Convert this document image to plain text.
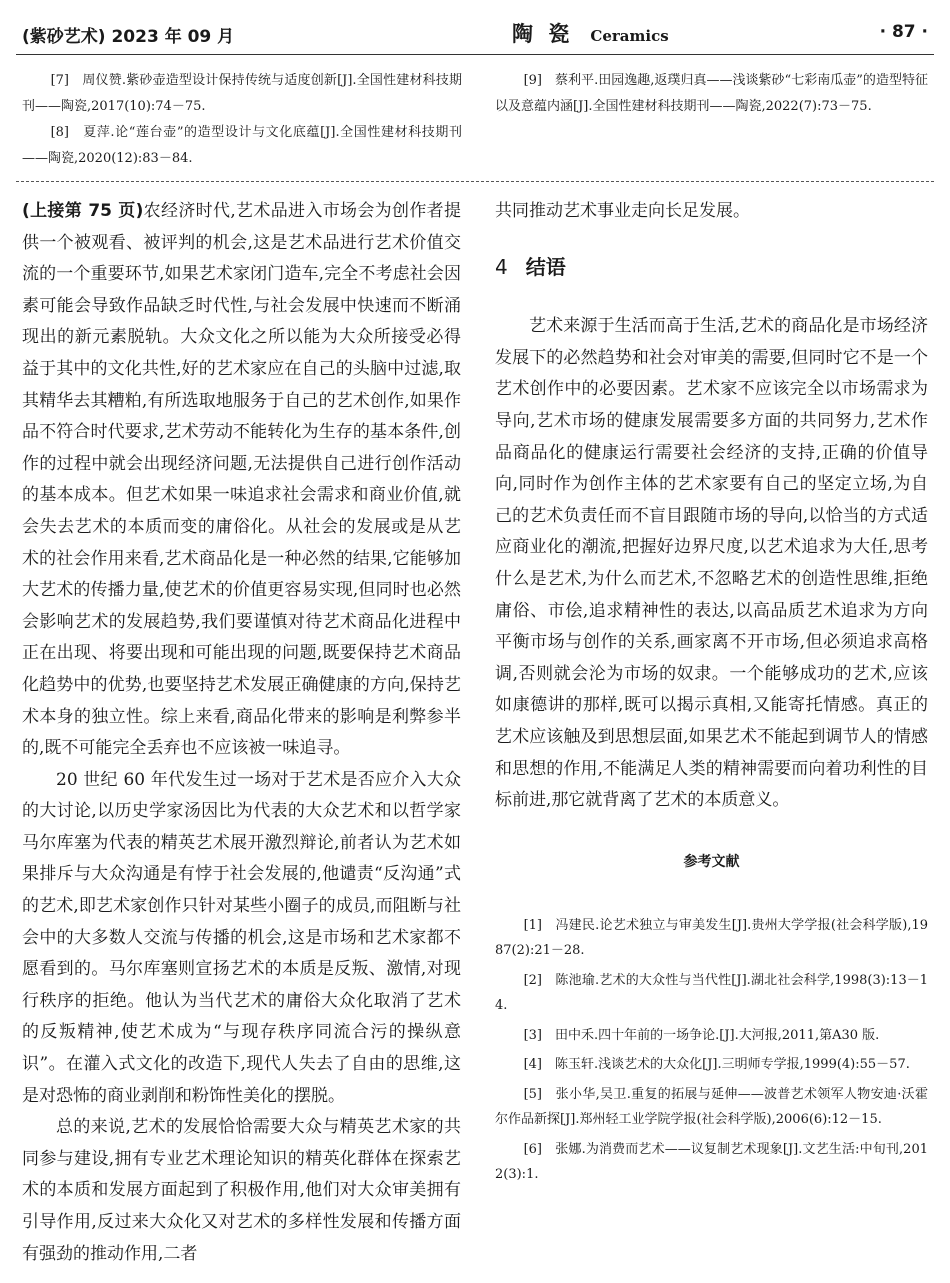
(紫砂艺术) 2023 年 09 月	陶 瓷 Ceramics	· 87 ·

[7]　周仪赞.紫砂壶造型设计保持传统与适度创新[J].全国性建材科技期刊——陶瓷,2017(10):74－75.

[8]　夏萍.论“莲台壶”的造型设计与文化底蕴[J].全国性建材科技期刊——陶瓷,2020(12):83－84.

[9]　蔡利平.田园逸趣,返璞归真——浅谈紫砂“七彩南瓜壶”的造型特征以及意蕴内涵[J].全国性建材科技期刊——陶瓷,2022(7):73－75.

(上接第 75 页)农经济时代,艺术品进入市场会为创作者提供一个被观看、被评判的机会,这是艺术品进行艺术价值交流的一个重要环节,如果艺术家闭门造车,完全不考虑社会因素可能会导致作品缺乏时代性,与社会发展中快速而不断涌现出的新元素脱轨。大众文化之所以能为大众所接受必得益于其中的文化共性,好的艺术家应在自己的头脑中过滤,取其精华去其糟粕,有所选取地服务于自己的艺术创作,如果作品不符合时代要求,艺术劳动不能转化为生存的基本条件,创作的过程中就会出现经济问题,无法提供自己进行创作活动的基本成本。但艺术如果一味追求社会需求和商业价值,就会失去艺术的本质而变的庸俗化。从社会的发展或是从艺术的社会作用来看,艺术商品化是一种必然的结果,它能够加大艺术的传播力量,使艺术的价值更容易实现,但同时也必然会影响艺术的发展趋势,我们要谨慎对待艺术商品化进程中正在出现、将要出现和可能出现的问题,既要保持艺术商品化趋势中的优势,也要坚持艺术发展正确健康的方向,保持艺术本身的独立性。综上来看,商品化带来的影响是利弊参半的,既不可能完全丢弃也不应该被一味追寻。

20 世纪 60 年代发生过一场对于艺术是否应介入大众的大讨论,以历史学家汤因比为代表的大众艺术和以哲学家马尔库塞为代表的精英艺术展开激烈辩论,前者认为艺术如果排斥与大众沟通是有悖于社会发展的,他谴责“反沟通”式的艺术,即艺术家创作只针对某些小圈子的成员,而阻断与社会中的大多数人交流与传播的机会,这是市场和艺术家都不愿看到的。马尔库塞则宣扬艺术的本质是反叛、激情,对现行秩序的拒绝。他认为当代艺术的庸俗大众化取消了艺术的反叛精神,使艺术成为“与现存秩序同流合污的操纵意识”。在灌入式文化的改造下,现代人失去了自由的思维,这是对恐怖的商业剥削和粉饰性美化的摆脱。

总的来说,艺术的发展恰恰需要大众与精英艺术家的共同参与建设,拥有专业艺术理论知识的精英化群体在探索艺术的本质和发展方面起到了积极作用,他们对大众审美拥有引导作用,反过来大众化又对艺术的多样性发展和传播方面有强劲的推动作用,二者

共同推动艺术事业走向长足发展。

4 结语

艺术来源于生活而高于生活,艺术的商品化是市场经济发展下的必然趋势和社会对审美的需要,但同时它不是一个艺术创作中的必要因素。艺术家不应该完全以市场需求为导向,艺术市场的健康发展需要多方面的共同努力,艺术作品商品化的健康运行需要社会经济的支持,正确的价值导向,同时作为创作主体的艺术家要有自己的坚定立场,为自己的艺术负责任而不盲目跟随市场的导向,以恰当的方式适应商业化的潮流,把握好边界尺度,以艺术追求为大任,思考什么是艺术,为什么而艺术,不忽略艺术的创造性思维,拒绝庸俗、市侩,追求精神性的表达,以高品质艺术追求为方向平衡市场与创作的关系,画家离不开市场,但必须追求高格调,否则就会沦为市场的奴隶。一个能够成功的艺术,应该如康德讲的那样,既可以揭示真相,又能寄托情感。真正的艺术应该触及到思想层面,如果艺术不能起到调节人的情感和思想的作用,不能满足人类的精神需要而向着功利性的目标前进,那它就背离了艺术的本质意义。

参考文献

[1]　冯建民.论艺术独立与审美发生[J].贵州大学学报(社会科学版),1987(2):21－28.

[2]　陈池瑜.艺术的大众性与当代性[J].湖北社会科学,1998(3):13－14.

[3]　田中禾.四十年前的一场争论.[J].大河报,2011,第A30 版.

[4]　陈玉轩.浅谈艺术的大众化[J].三明师专学报,1999(4):55－57.

[5]　张小华,吴卫.重复的拓展与延伸——波普艺术领军人物安迪·沃霍尔作品新探[J].郑州轻工业学院学报(社会科学版),2006(6):12－15.

[6]　张娜.为消费而艺术——议复制艺术现象[J].文艺生活:中旬刊,2012(3):1.
